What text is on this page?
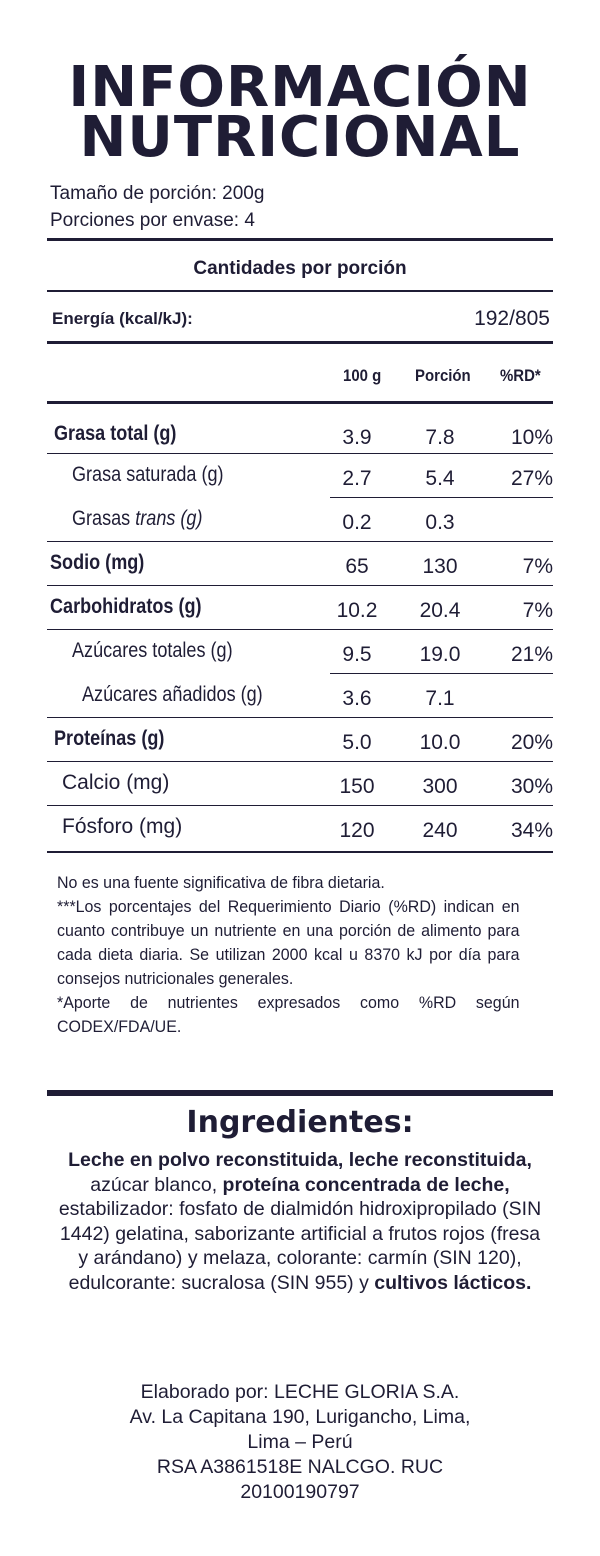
INFORMACIÓN
NUTRICIONAL
Tamaño de porción: 200g
Porciones por envase: 4
Cantidades por porción
Energía (kcal/kJ):	192/805
100 g Porción %RD*
Grasa total (g)	3.9	7.8	10%
Grasa saturada (g)	2.7	5.4	27%
Grasas trans (g)	0.2	0.3
Sodio (mg)	65	130	7%
Carbohidratos (g)	10.2	20.4	7%
Azúcares totales (g)	9.5	19.0	21%
Azúcares añadidos (g)	3.6	7.1
Proteínas (g)	5.0	10.0	20%
Calcio (mg)	150	300	30%
Fósforo (mg)	120	240	34%

No es una fuente significativa de fibra dietaria.

***Los porcentajes del Requerimiento Diario (%RD) indican en cuanto contribuye un nutriente en una porción de alimento para cada dieta diaria. Se utilizan 2000 kcal u 8370 kJ por día para consejos nutricionales generales.

*Aporte de nutrientes expresados como %RD según CODEX/FDA/UE.

Ingredientes:
Leche en polvo reconstituida, leche reconstituida, azúcar blanco, proteína concentrada de leche, estabilizador: fosfato de dialmidón hidroxipropilado (SIN 1442) gelatina, saborizante artificial a frutos rojos (fresa y arándano) y melaza, colorante: carmín (SIN 120), edulcorante: sucralosa (SIN 955) y cultivos lácticos.
Elaborado por: LECHE GLORIA S.A.
Av. La Capitana 190, Lurigancho, Lima,
Lima – Perú
RSA A3861518E NALCGO. RUC
20100190797
